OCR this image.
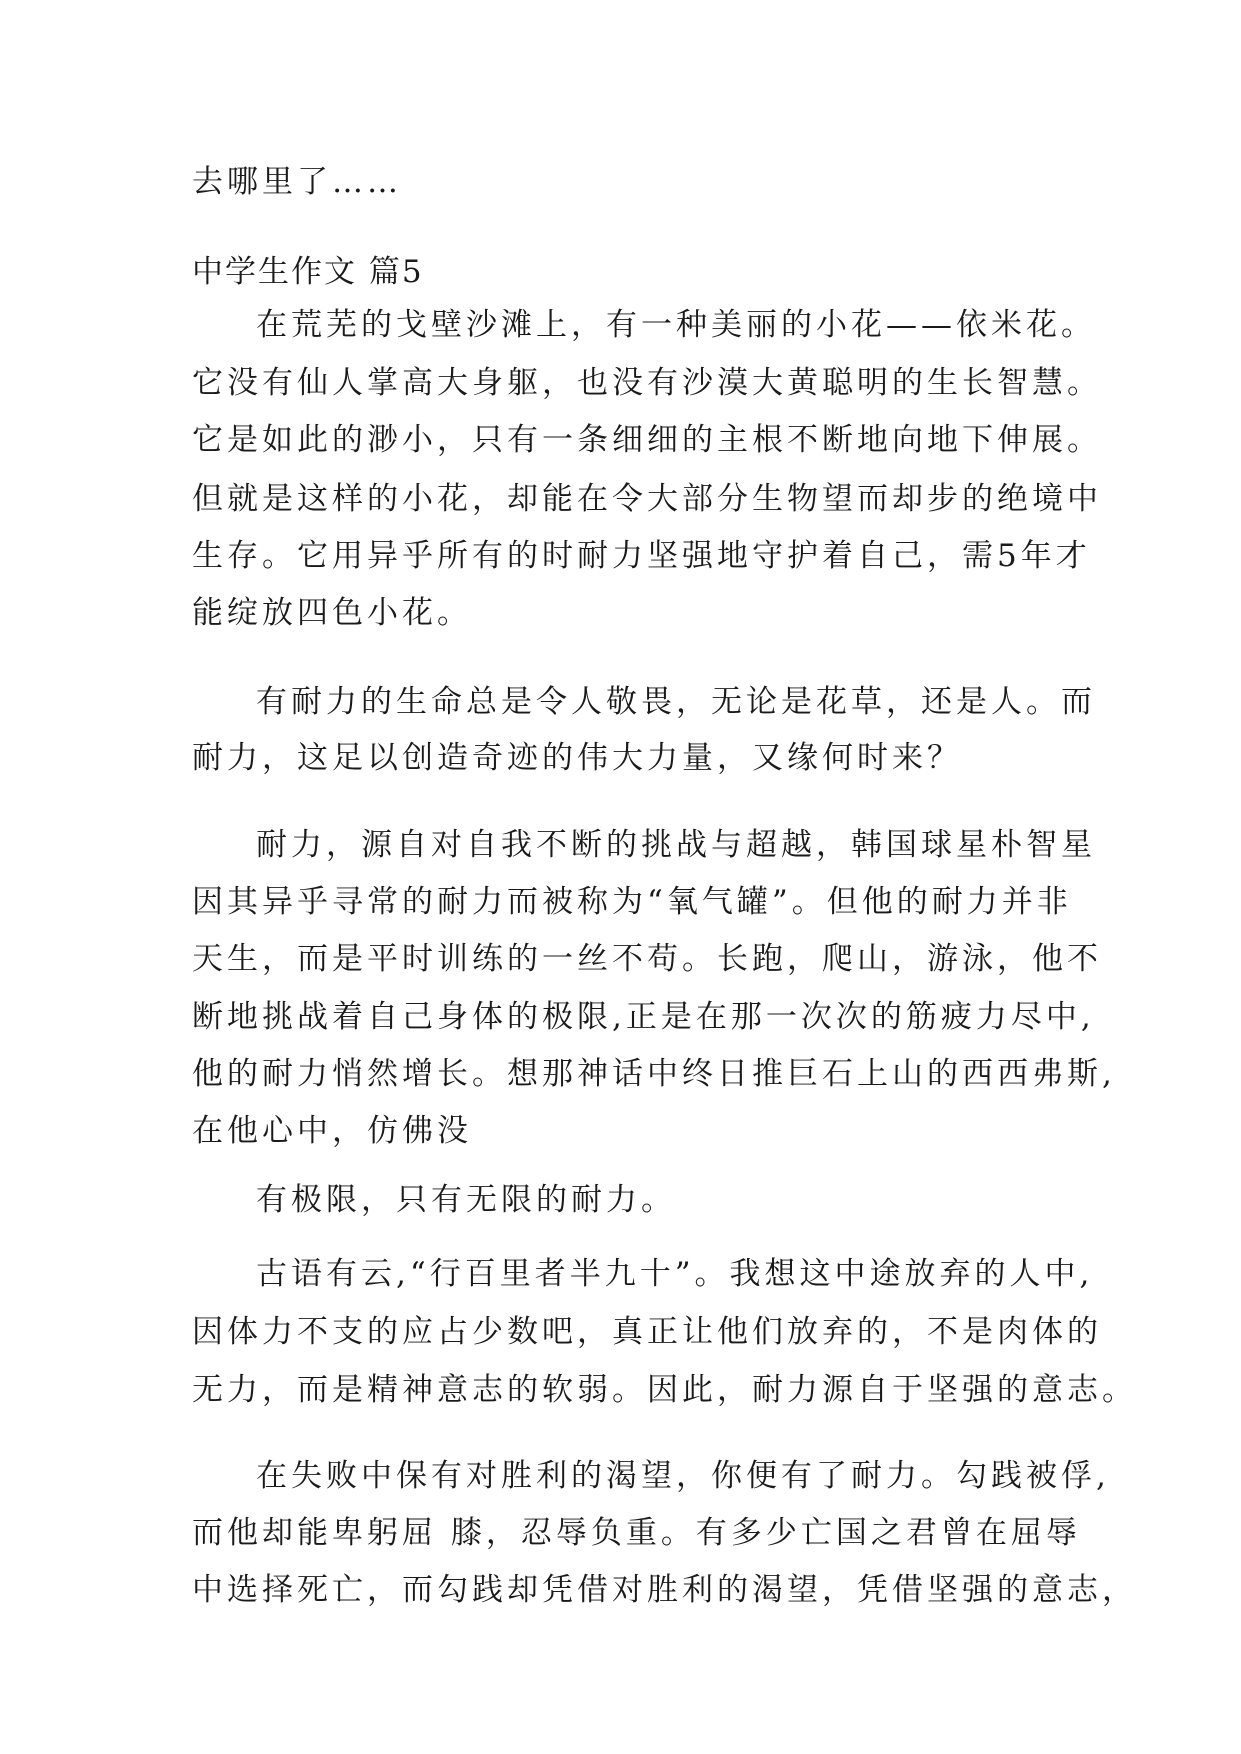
去哪里了……
中学生作文 篇5
在荒芜的戈壁沙滩上，有一种美丽的小花——依米花。
它没有仙人掌高大身躯，也没有沙漠大黄聪明的生长智慧。
它是如此的渺小，只有一条细细的主根不断地向地下伸展。
但就是这样的小花，却能在令大部分生物望而却步的绝境中
生存。它用异乎所有的时耐力坚强地守护着自己，需5年才
能绽放四色小花。
有耐力的生命总是令人敬畏，无论是花草，还是人。而
耐力，这足以创造奇迹的伟大力量，又缘何时来？
耐力，源自对自我不断的挑战与超越，韩国球星朴智星
因其异乎寻常的耐力而被称为“氧气罐”。但他的耐力并非
天生，而是平时训练的一丝不苟。长跑，爬山，游泳，他不
断地挑战着自己身体的极限,正是在那一次次的筋疲力尽中,
他的耐力悄然增长。想那神话中终日推巨石上山的西西弗斯,
在他心中，仿佛没
有极限，只有无限的耐力。
古语有云,“行百里者半九十”。我想这中途放弃的人中,
因体力不支的应占少数吧，真正让他们放弃的，不是肉体的
无力，而是精神意志的软弱。因此，耐力源自于坚强的意志。
在失败中保有对胜利的渴望，你便有了耐力。勾践被俘,
而他却能卑躬屈 膝，忍辱负重。有多少亡国之君曾在屈辱
中选择死亡，而勾践却凭借对胜利的渴望，凭借坚强的意志，
